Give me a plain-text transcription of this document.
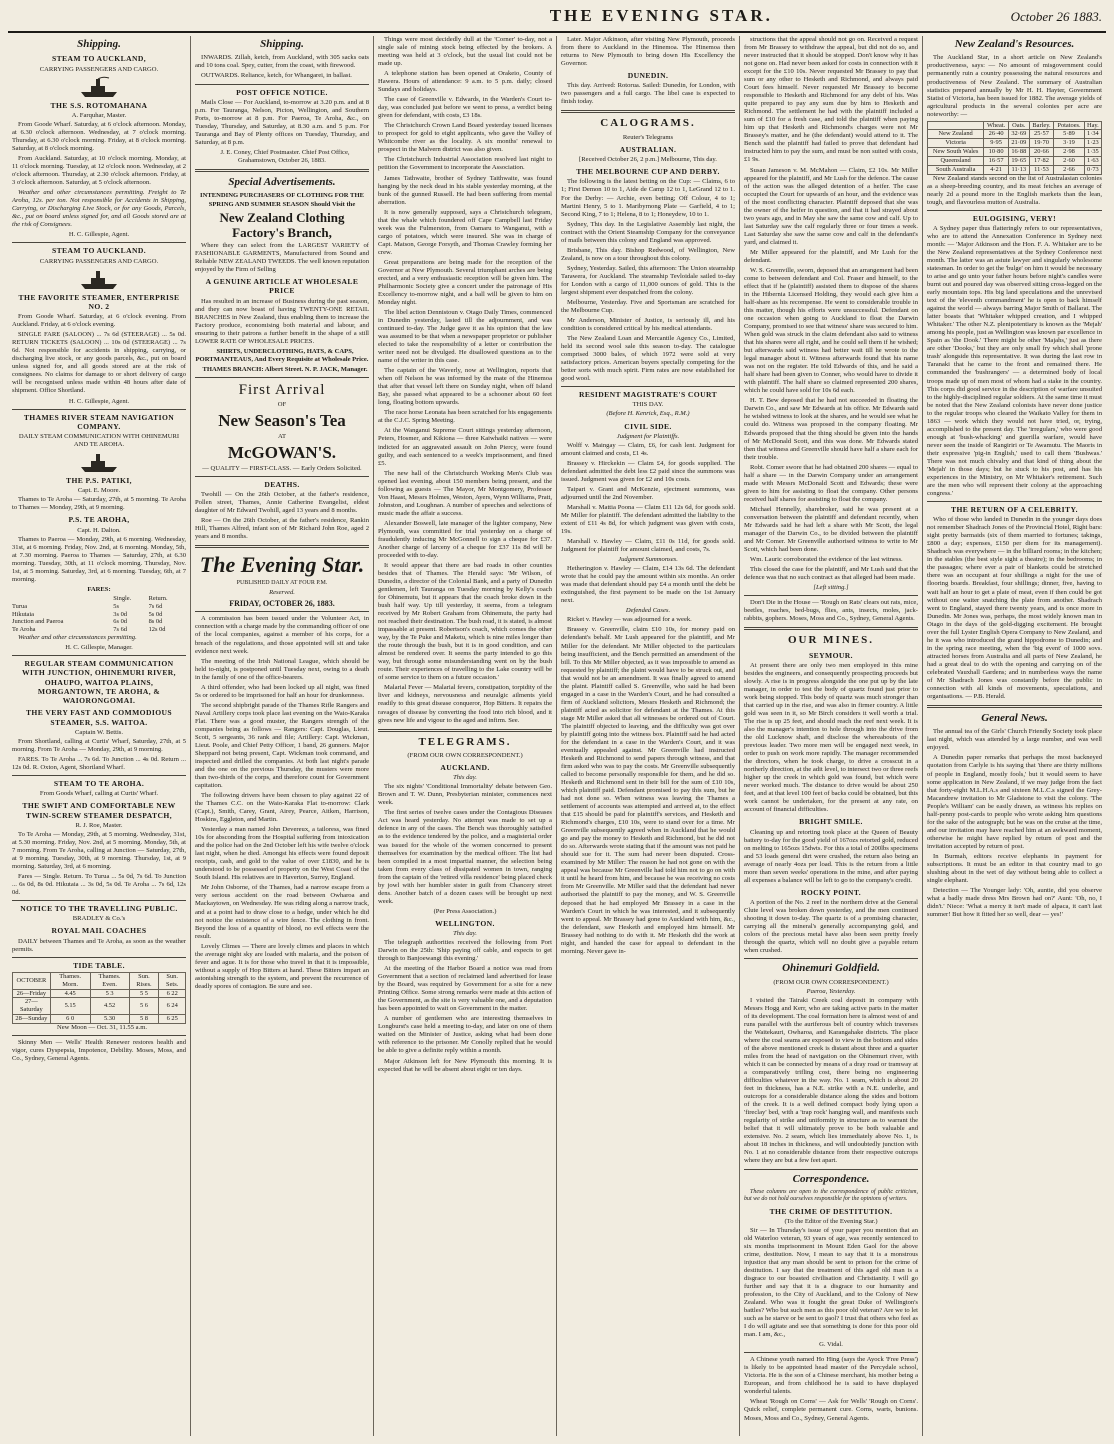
THE EVENING STAR.	October 26 1883.
Shipping.
STEAM TO AUCKLAND,
CARRYING PASSENGERS AND CARGO.
THE S.S. ROTOMAHANA
A. Farquhar, Master.

From Goode Wharf. Saturday, at 6 o'clock afternoon. Monday, at 6.30 o'clock afternoon. Wednesday, at 7 o'clock morning. Thursday, at 6.30 o'clock morning. Friday, at 8 o'clock morning. Saturday, at 8 o'clock morning.

From Auckland. Saturday, at 10 o'clock morning. Monday, at 11 o'clock morning. Tuesday, at 12 o'clock noon. Wednesday, at 2 o'clock afternoon. Thursday, at 2.30 o'clock afternoon. Friday, at 3 o'clock afternoon. Saturday, at 5 o'clock afternoon.

Weather and other circumstances permitting. Freight to Te Aroha, 12s. per ton. Not responsible for Accidents in Shipping, Carrying, or Discharging Live Stock, or for any Goods, Parcels, &c., put on board unless signed for, and all Goods stored are at the risk of Consignees.

H. C. Gillespie, Agent.
STEAM TO AUCKLAND.
CARRYING PASSENGERS AND CARGO.
THE FAVORITE STEAMER, ENTERPRISE NO. 2

From Goode Wharf. Saturday, at 6 o'clock evening. From Auckland. Friday, at 6 o'clock evening.

SINGLE FARE (SALOON) ... 7s 6d (STEERAGE) ... 5s 0d. RETURN TICKETS (SALOON) ... 10s 0d (STEERAGE) ... 7s 6d. Not responsible for accidents in shipping, carrying, or discharging live stock, or any goods parcels, &c., put on board unless signed for, and all goods stored are at the risk of consignees. No claims for damage to or short delivery of cargo will be recognised unless made within 48 hours after date of shipment. Office Shortland.

H. C. Gillespie, Agent.
THAMES RIVER STEAM NAVIGATION COMPANY.
DAILY STEAM COMMUNICATION WITH OHINEMURI AND TE AROHA.
THE P.S. PATIKI,
Capt. E. Moore.

Thames to Te Aroha — Saturday, 27th, at 5 morning. Te Aroha to Thames — Monday, 29th, at 9 morning.

P.S. TE AROHA,
Capt. H. Dalton.

Thames to Paeroa — Monday, 29th, at 6 morning. Wednesday, 31st, at 6 morning. Friday, Nov. 2nd, at 6 morning. Monday, 5th, at 7.30 morning. Paeroa to Thames — Saturday, 27th, at 6.30 morning. Tuesday, 30th, at 11 o'clock morning. Thursday, Nov. 1st, at 5 morning. Saturday, 3rd, at 6 morning. Tuesday, 6th, at 7 morning.

FARES:
	Single.	Return.
Turua	5s	7s 6d
Hikutaia	3s 0d	5s 0d
Junction and Paeroa	6s 0d	8s 0d
Te Aroha	7s 6d	12s 0d

Weather and other circumstances permitting.

H. C. Gillespie, Manager.
REGULAR STEAM COMMUNICATION WITH JUNCTION, OHINEMURI RIVER, OHAUPO, WAITOA PLAINS, MORGANTOWN, TE AROHA, & WAIORONGOMAI.
THE VERY FAST AND COMMODIOUS STEAMER, S.S. WAITOA.
Captain W. Bettis.

From Shortland, calling at Curtis' Wharf, Saturday, 27th, at 5 morning. From Te Aroha — Monday, 29th, at 9 morning.

FARES. To Te Aroha ... 7s 6d. To Junction ... 4s 0d. Return ... 12s 0d. R. Oxton, Agent, Shortland Wharf.

STEAM TO TE AROHA.
From Goods Wharf, calling at Curtis' Wharf.
THE SWIFT AND COMFORTABLE NEW TWIN-SCREW STEAMER DESPATCH,
R. J. Roe, Master.

To Te Aroha — Monday, 29th, at 5 morning. Wednesday, 31st, at 5.30 morning. Friday, Nov. 2nd, at 5 morning. Monday, 5th, at 7 morning. From Te Aroha, calling at Junction — Saturday, 27th, at 9 morning. Tuesday, 30th, at 9 morning. Thursday, 1st, at 9 morning. Saturday, 3rd, at 6 morning.

Fares — Single. Return. To Turua ... 5s 0d, 7s 6d. To Junction ... 6s 0d, 8s 0d. Hikutaia ... 3s 0d, 5s 0d. Te Aroha ... 7s 6d, 12s 0d.

NOTICE TO THE TRAVELLING PUBLIC.
BRADLEY & Co.'s
ROYAL MAIL COACHES

DAILY between Thames and Te Aroha, as soon as the weather permits.

TIDE TABLE.
OCTOBER	Thames. Morn.	Thames. Even.	Sun. Rises.	Sun. Sets.
26—Friday	4.45	5 3	5 5	6 22
27—Saturday	5.15	4.52	5 6	6 24
28—Sunday	6 0	5.30	5 8	6 25

New Moon — Oct. 31, 11.55 a.m.

Skinny Men — Wells' Health Renewer restores health and vigor, cures Dyspepsia, Impotence, Debility. Moses, Moss, and Co., Sydney, General Agents.

Shipping.

INWARDS. Zillah, ketch, from Auckland, with 305 sacks oats and 10 tons coal. Spey, cutter, from the coast, with firewood.

OUTWARDS. Reliance, ketch, for Whangarei, in ballast.

POST OFFICE NOTICE.

Mails Close — For Auckland, to-morrow at 3.20 p.m. and at 8 p.m. For Tauranga, Nelson, Picton, Wellington, and Southern Ports, to-morrow at 8 p.m. For Paeroa, Te Aroha, &c., on Tuesday, Thursday, and Saturday, at 8.30 a.m. and 5 p.m. For Tauranga and Bay of Plenty offices on Tuesday, Thursday, and Saturday, at 8 p.m.

J. E. Coney, Chief Postmaster. Chief Post Office, Grahamstown, October 26, 1883.

Special Advertisements.
INTENDING PURCHASERS OF CLOTHING FOR THE
SPRING AND SUMMER SEASON Should Visit the
New Zealand Clothing Factory's Branch,

Where they can select from the LARGEST VARIETY of FASHIONABLE GARMENTS, Manufactured from Sound and Reliable NEW ZEALAND TWEEDS. The well known reputation enjoyed by the Firm of Selling

A GENUINE ARTICLE AT WHOLESALE PRICE

Has resulted in an increase of Business during the past season, and they can now boast of having TWENTY-ONE RETAIL BRANCHES in New Zealand, thus enabling them to increase the Factory produce, economising both material and labour, and ensuring to their patrons a further benefit in the shape of a still LOWER RATE OF WHOLESALE PRICES.

SHIRTS, UNDERCLOTHING, HATS, & CAPS, PORTMANTEAUS, And Every Requisite at Wholesale Price.

THAMES BRANCH: Albert Street. N. P. JACK, Manager.

First Arrival
OF
New Season's Tea
AT
McGOWAN'S.
— QUALITY — FIRST-CLASS. — Early Orders Solicited.
DEATHS.

Twohill — On the 26th October, at the father's residence, Pollen street, Thames, Annie Catherine Evangelist, eldest daughter of Mr Edward Twohill, aged 13 years and 8 months.

Roe — On the 26th October, at the father's residence, Rankin Hill, Thames Alfred, infant son of Mr Richard John Roe, aged 2 years and 8 months.

The Evening Star.
PUBLISHED DAILY AT FOUR P.M.
Reserved.
FRIDAY, OCTOBER 26, 1883.

A commission has been issued under the Volunteer Act, in connection with a charge made by the commanding officer of one of the local companies, against a member of his corps, for a breach of the regulations, and those appointed will sit and take evidence next week.

The meeting of the Irish National League, which should be held to-night, is postponed until Tuesday next, owing to a death in the family of one of the office-bearers.

A third offender, who had been locked up all night, was fined 5s or ordered to be imprisoned for half an hour for drunkenness.

The second shipbright parade of the Thames Rifle Rangers and Naval Artillery corps took place last evening on the Waio-Karaka Flat. There was a good muster, the Rangers strength of the companies being as follows — Rangers: Capt. Douglas, Lieut. Scott, 5 sergeants, 36 rank and file; Artillery: Capt. Wickman, Lieut. Poole, and Chief Petty Officer, 1 band, 26 gunners. Major Sheppard not being present, Capt. Wickman took command, and inspected and drilled the companies. At both last night's parade and the one on the previous Thursday, the musters were more than two-thirds of the corps, and therefore count for Government capitation.

The following drivers have been chosen to play against 22 of the Thames C.C. on the Waio-Karaka Flat to-morrow: Clark (Capt.), Smith, Carey, Grant, Airey, Pearce, Aitken, Harrison, Hoskins, Eggleton, and Martin.

Yesterday a man named John Devereux, a tailoress, was fined 10s for absconding from the Hospital suffering from intoxication and the police had on the 2nd October left his wife twelve o'clock last night, when he died. Amongst his effects were found deposit receipts, cash, and gold to the value of over £1830, and he is understood to be possessed of property on the West Coast of the South Island. His relatives are in Haverton, Surrey, England.

Mr John Osborne, of the Thames, had a narrow escape from a very serious accident on the road between Owharoa and Mackaytown, on Wednesday. He was riding along a narrow track, and at a point had to draw close to a hedge, under which he did not notice the existence of a wire fence. The clothing in front. Beyond the loss of a quantity of blood, no evil effects were the result.

Lovely Climes — There are lovely climes and places in which the average night sky are loaded with malaria, and the poison of fever and ague. It is for those who travel in that it is impossible, without a supply of Hop Bitters at hand. These Bitters impart an astonishing strength to the system, and prevent the recurrence of deadly spores of contagion. Be sure and see.

Things were most decidedly dull at the 'Corner' to-day, not a single sale of mining stock being effected by the brokers. A meeting was held at 3 o'clock, but the usual list could not be made up.

A telephone station has been opened at Orakeio, County of Hawera. Hours of attendance: 9 a.m. to 5 p.m. daily; closed Sundays and holidays.

The case of Greenville v. Edwards, in the Warden's Court to-day, was concluded just before we went to press, a verdict being given for defendant, with costs, £3 18s.

The Christchurch Crown Land Board yesterday issued licenses to prospect for gold to eight applicants, who gave the Valley of Whitcombe river as the locality. A six months' renewal to prospect in the Malvern district was also given.

The Christchurch Industrial Association resolved last night to petition the Government to incorporate the Association.

James Tathwaite, brother of Sydney Taithwaite, was found hanging by the neck dead in his stable yesterday morning, at the bunk of the gunned Russell. He had been suffering from mental aberration.

It is now generally supposed, says a Christchurch telegram, that the whale which foundered off Cape Campbell last Friday week was the Fulmerston, from Oamaru to Wanganui, with a cargo of potatoes, which were insured. She was in charge of Capt. Matson, George Forsyth, and Thomas Crawley forming her crew.

Great preparations are being made for the reception of the Governor at New Plymouth. Several triumphant arches are being erected, and a very enthusiastic reception will be given him. The Philharmonic Society give a concert under the patronage of His Excellency to-morrow night, and a ball will be given to him on Monday night.

The libel action Dennistoun v. Otago Daily Times, commenced in Dunedin yesterday, lasted till the adjournment, and was continued to-day. The Judge gave it as his opinion that the law was assumed to be that when a newspaper proprietor or publisher elected to take the responsibility of a letter or contribution the writer need not be divulged. He disallowed questions as to the name of the writer in this case.

The captain of the Waverly, now at Wellington, reports that when off Nelson he was informed by the mate of the Hinemoa that after that vessel left there on Sunday night, when off Island Bay, she passed what appeared to be a schooner about 60 feet long, floating bottom upwards.

The race horse Leonata has been scratched for his engagements at the C.J.C. Spring Meeting.

At the Wanganui Supreme Court sittings yesterday afternoon, Peters, Hosmer, and Kikiona — three Kaiwhaiki natives — were indicted for an aggravated assault on John Piercy, were found guilty, and each sentenced to a week's imprisonment, and fined £5.

The new hall of the Christchurch Working Men's Club was opened last evening, about 150 members being present, and the following as guests — The Mayor, Mr Montgomery, Professor Von Haast, Messrs Holmes, Weston, Ayers, Wynn Williams, Pratt, Johnston, and Loughnan. A number of speeches and selections of music made the affair a success.

Alexander Boswell, late manager of the lighter company, New Plymouth, was committed for trial yesterday on a charge of fraudulently inducing Mr McGonnell to sign a cheque for £37. Another charge of larceny of a cheque for £37 11s 8d will be proceeded with to-day.

It would appear that there are bad roads in other counties besides that of Thames. The Herald says: 'Mr Wilson, of Dunedin, a director of the Colonial Bank, and a party of Dunedin gentlemen, left Tauranga on Tuesday morning by Kelly's coach for Ohinemutu, but it appears that the coach broke down in the bush half way. Up till yesterday, it seems, from a telegram received by Mr Robert Graham from Ohinemutu, the party had not reached their destination. The bush road, it is stated, is almost impassable at present. Robertson's coach, which comes the other way, by the Te Puke and Maketu, which is nine miles longer than the route through the bush, but it is in good condition, and can almost be rendered over. It seems the party intended to go this way, but through some misunderstanding went on by the bush route. Their experiences of travelling to the Lake country will be of some service to them on a future occasion.'

Malarial Fever — Malarial fevers, constipation, torpidity of the liver and kidneys, nervousness and neuralgic ailments yield readily to this great disease conqueror, Hop Bitters. It repairs the ravages of disease by converting the food into rich blood, and it gives new life and vigour to the aged and infirm. See.

TELEGRAMS.
(FROM OUR OWN CORRESPONDENT.)
AUCKLAND.
This day.

The six nights' 'Conditional Immortality' debate between Geo. Brown and T. W. Dunn, Presbyterian minister, commences next week.

The first series of twelve cases under the Contagious Diseases Act was heard yesterday. No attempt was made to set up a defence in any of the cases. The Bench was thoroughly satisfied as to the evidence tendered by the police, and a magisterial order was issued for the whole of the women concerned to present themselves for examination by the medical officer. The list had been compiled in a most impartial manner, the selection being taken from every class of dissipated women in town, ranging from the captain of the 'retired villa residence' being placed check by jowl with her humbler sister in guilt from Chancery street dens. Another batch of a dozen cases will be brought up next week.

(Per Press Association.)
WELLINGTON.
This day.

The telegraph authorities received the following from Port Darwin on the 25th: 'Ship paying off cable, and expects to get through to Banjoewangi this evening.'

At the meeting of the Harbor Board a notice was read from Government that a section of reclaimed land advertised for lease by the Board, was required by Government for a site for a new Printing Office. Some strong remarks were made at this action of the Government, as the site is very valuable one, and a deputation has been appointed to wait on Government in the matter.

A number of gentlemen who are interesting themselves in Longburst's case held a meeting to-day, and later on one of them waited on the Minister of Justice, asking what had been done with reference to the prisoner. Mr Conolly replied that he would be able to give a definite reply within a month.

Major Atkinson left for New Plymouth this morning. It is expected that he will be absent about eight or ten days.

Later. Major Atkinson, after visiting New Plymouth, proceeds from there to Auckland in the Hinemoa. The Hinemoa then returns to New Plymouth to bring down His Excellency the Governor.

DUNEDIN.

This day. Arrived: Rotorua. Sailed: Dunedin, for London, with two passengers and a full cargo. The libel case is expected to finish today.

CALOGRAMS.
Reuter's Telegrams
AUSTRALIAN.
[Received October 26, 2 p.m.] Melbourne, This day.
THE MELBOURNE CUP AND DERBY.

The following is the latest betting on the Cup: — Claims, 6 to 1; First Demon 10 to 1, Aide de Camp 12 to 1, LeGrand 12 to 1. For the Derby: — Archie, even betting; Off Colour, 4 to 1; Martini Henry, 5 to 1. Maribyrnong Plate — Garfield, 4 to 1; Second King, 7 to 1; Helena, 8 to 1; Honeydew, 10 to 1.

Sydney, This day. In the Legislative Assembly last night, the contract with the Orient Steamship Company for the conveyance of mails between this colony and England was approved.

Brisbane, This day. Bishop Redwood, of Wellington, New Zealand, is now on a tour throughout this colony.

Sydney, Yesterday. Sailed, this afternoon: The Union steamship Tarawera, for Auckland. The steamship Tevloidale sailed to-day for London with a cargo of 11,000 ounces of gold. This is the largest shipment ever despatched from the colony.

Melbourne, Yesterday. Five and Sportsman are scratched for the Melbourne Cup.

Mr Anderson, Minister of Justice, is seriously ill, and his condition is considered critical by his medical attendants.

The New Zealand Loan and Mercantile Agency Co., Limited, held its second wool sale this season to-day. The catalogue comprised 3000 bales, of which 1972 were sold at very satisfactory prices. American buyers specially competing for the better sorts with much spirit. Firm rates are now established for good wool.

RESIDENT MAGISTRATE'S COURT
THIS DAY.
(Before H. Kenrick, Esq., R.M.)
CIVIL SIDE.
Judgment for Plaintiffs.

Wolff v. Maingay — Claim, £6, for cash lent. Judgment for amount claimed and costs, £1 4s.

Brassey v. Hirckekin — Claim £4, for goods supplied. The defendant admitted the debt less £2 paid since the summons was issued. Judgment was given for £2 and 10s costs.

Taipari v. Grant and McKenzie, ejectment summons, was adjourned until the 2nd November.

Marshall v. Mattia Poona — Claim £11 12s 6d, for goods sold. Mr Miller for plaintiff. The defendant admitted the liability to the extent of £11 4s 8d, for which judgment was given with costs, 19s.

Marshall v. Hawley — Claim, £11 0s 11d, for goods sold. Judgment for plaintiff for amount claimed, and costs, 7s.

Judgment Summonses.

Hetherington v. Hawley — Claim, £14 13s 6d. The defendant wrote that he could pay the amount within six months. An order was made that defendant should pay £4 a month until the debt be extinguished, the first payment to be made on the 1st January next.

Defended Cases.

Ricket v. Hawley — was adjourned for a week.

Brassey v. Greenville, claim £10 10s, for money paid on defendant's behalf. Mr Lush appeared for the plaintiff, and Mr Miller for the defendant. Mr Miller objected to the particulars being insufficient, and the Bench permitted an amendment of the bill. To this Mr Miller objected, as it was impossible to amend as requested by plaintiff; the plaint would have to be struck out, and that would not be an amendment. It was finally agreed to amend the plaint. Plaintiff called S. Greenville, who said he had been engaged in a case in the Warden's Court, and he had consulted a firm of Auckland solicitors, Messrs Hesketh and Richmond; the plaintiff acted as solicitor for defendant at the Thames. At this stage Mr Miller asked that all witnesses be ordered out of Court. The plaintiff objected to leaving, and the difficulty was got over by plaintiff going into the witness box. Plaintiff said he had acted for the defendant in a case in the Warden's Court, and it was eventually appealed against. Mr Greenville had instructed Hesketh and Richmond to send papers through witness, and that firm asked who was to pay the costs. Mr Greenville subsequently called to become personally responsible for them, and he did so. Hesketh and Richmond sent in their bill for the sum of £10 10s, which plaintiff paid. Defendant promised to pay this sum, but he had not done so. When witness was leaving the Thames a settlement of accounts was attempted and arrived at, to the effect that £15 should be paid for plaintiff's services, and Hesketh and Richmond's charges, £10 10s, were to stand over for a time. Mr Greenville subsequently agreed when in Auckland that he would go and pay the money to Hesketh and Richmond, but he did not do so. Afterwards wrote stating that if the amount was not paid he should sue for it. The sum had never been disputed. Cross-examined by Mr Miller: The reason he had not gone on with the appeal was because Mr Greenville had told him not to go on with it until he heard from him, and because he was receiving no costs from Mr Greenville. Mr Miller said that the defendant had never authorised the plaintiff to pay the money, and W. S. Greenville deposed that he had employed Mr Brassey in a case in the Warden's Court in which he was interested, and it subsequently went to appeal. Mr Brassey had gone to Auckland with him, &c., the defendant, saw Hesketh and employed him himself. Mr Brassey had nothing to do with it. Mr Hesketh did the work at night, and handed the case for appeal to defendant in the morning. Never gave in-

structions that the appeal should not go on. Received a request from Mr Brassey to withdraw the appeal, but did not do so, and never instructed that it should be stopped. Don't know why it has not gone on. Had never been asked for costs in connection with it except for the £10 10s. Never requested Mr Brassey to pay that sum or any other to Hesketh and Richmond, and always paid Court fees himself. Never requested Mr Brassey to become responsible to Hesketh and Richmond for any debt of his. Was quite prepared to pay any sum due by him to Hesketh and Richmond. The settlement he had with the plaintiff included a sum of £10 for a fresh case, and told the plaintiff when paying him up that Hesketh and Richmond's charges were not Mr Brassey's matter, and he (the defendant) would attend to it. The Bench said the plaintiff had failed to prove that defendant had instructed him to pay the sum, and must be non suited with costs, £1 9s.

Susan Jameson v. M. McMahon — Claim, £2 10s. Mr Miller appeared for the plaintiff, and Mr Lush for the defence. The cause of the action was the alleged detention of a heifer. The case occupied the Court for upwards of an hour, and the evidence was of the most conflicting character. Plaintiff deposed that she was the owner of the heifer in question, and that it had strayed about two years ago, and in May she saw the same cow and calf. Up to last Saturday saw the calf regularly three or four times a week. Last Saturday she saw the same cow and calf in the defendant's yard, and claimed it.

Mr Miller appeared for the plaintiff, and Mr Lush for the defendant.

W. S. Greenville, sworn, deposed that an arrangement had been come to between defendant and Col. Fraser and himself, to the effect that if he (plaintiff) assisted them to dispose of the shares in the Hibernia Licensed Holding, they would each give him a half-share as his recompense. He went to considerable trouble in this matter, though his efforts were unsuccessful. Defendant on one occasion when going to Auckland to float the Darwin Company, promised to see that witness' share was secured to him. When gold was struck in the claim defendant also said to witness that his shares were all right, and he could sell them if he wished; but afterwards said witness had better wait till he wrote to the legal manager about it. Witness afterwards found that his name was not on the register. He told Edwards of this, and he said a half share had been given to Conner, who would have to divide it with plaintiff. The half share so claimed represented 200 shares, which he could have sold for 10s 6d each.

H. T. Bew deposed that he had not succeeded in floating the Darwin Co., and saw Mr Edwards at his office. Mr Edwards said he wished witness to look at the shares, and he would see what he could do. Witness was proposed in the company floating. Mr Edwards proposed that the thing should be given into the hands of Mr McDonald Scott, and this was done. Mr Edwards stated then that witness and Greenville should have half a share each for their trouble.

Robt. Comer swore that he had obtained 200 shares — equal to half a share — in the Darwin Company under an arrangement made with Messrs McDonald Scott and Edwards; these were given to him for assisting to float the company. Other persons received half shares for assisting to float the company.

Michael Hennelly, sharebroker, said he was present at a conversation between the plaintiff and defendant recently, when Mr Edwards said he had left a share with Mr Scott, the legal manager of the Darwin Co., to be divided between the plaintiff and Mr Comer. Mr Greenville authorised witness to write to Mr Scott, which had been done.

Wm. Lauric corroborated the evidence of the last witness.

This closed the case for the plaintiff, and Mr Lush said that the defence was that no such contract as that alleged had been made.

[Left sitting.]

Don't Die in the House — 'Rough on Rats' clears out rats, mice, beetles, roaches, bed-bugs, flies, ants, insects, moles, jack-rabbits, gophers. Moses, Moss and Co., Sydney, General Agents.

OUR MINES.
SEYMOUR.

At present there are only two men employed in this mine besides the engineers, and consequently prospecting proceeds but slowly. A rise is in progress alongside the one put up by the late manager, in order to test the body of quartz found just prior to work being stopped. This body of quartz was much stronger than that carried up in the rise, and was also in firmer country. A little gold was seen in it, so Mr Birch considers it well worth a trial. The rise is up 25 feet, and should reach the reef next week. It is also the manager's intention to hole through into the drive from the old Lucknow shaft, and disclose the whereabouts of the previous leader. Two more men will be engaged next week, in order to push on work more rapidly. The manager recommended the directors, when he took charge, to drive a crosscut in a northerly direction, at the adit level, to intersect two or three reefs higher up the creek in which gold was found, but which were never worked much. The distance to drive would be about 250 feet, and at that level 100 feet of backs could be obtained, but this work cannot be undertaken, for the present at any rate, on account of financial difficulties.

BRIGHT SMILE.

Cleaning up and retorting took place at the Queen of Beauty battery to-day for the good yield of 167ozs retorted gold, reduced on melting to 165ozs 15dwts. For this a total of 200lbs specimens and 53 loads general dirt were crushed, the return also being an average of nearly 4ozs per load. This is the return from a little more than seven weeks' operations in the mine, and after paying all expenses a balance will be left to go to the company's credit.

ROCKY POINT.

A portion of the No. 2 reef in the northern drive at the General Clute level was broken down yesterday, and the men continued shooting it down to-day. The quartz is of a promising character, carrying all the mineral's generally accompanying gold, and colors of the precious metal have also been seen pretty freely through the quartz, which will no doubt give a payable return when crushed.

Ohinemuri Goldfield.
(FROM OUR OWN CORRESPONDENT.)
Paeroa, Yesterday.

I visited the Tairaki Creek coal deposit in company with Messrs Hogg and Kerr, who are taking active parts in the matter of its development. The coal formation here is almost west of and runs parallel with the auriferous belt of country which traverses the Waitekauri, Owharoa, and Karangahake districts. The place where the coal seams are exposed to view in the bottom and sides of the above mentioned creek is distant about three and a quarter miles from the head of navigation on the Ohinemuri river, with which it can be connected by means of a dray road or tramway at a comparatively trifling cost, there being no engineering difficulties whatever in the way. No. 1 seam, which is about 20 feet in thickness, has a N.E. strike with a N.E. underlie, and outcrops for a considerable distance along the sides and bottom of the creek. It is a well defined compact body lying upon a 'fireclay' bed, with a 'trap rock' hanging wall, and manifests such regularity of strike and uniformity in structure as to warrant the belief that it will ultimately prove to be both valuable and extensive. No. 2 seam, which lies immediately above No. 1, is about 18 inches in thickness, and will undoubtedly junction with No. 1 at no considerable distance from their respective outcrops where they are but a few feet apart.

Correspondence.

These columns are open to the correspondence of public criticism, but we do not hold ourselves responsible for the opinions of writers.

THE CRIME OF DESTITUTION.
(To the Editor of the Evening Star.)

Sir — In Thursday's issue of your paper you mention that an old Waterloo veteran, 93 years of age, was recently sentenced to six months imprisonment in Mount Eden Gaol for the above crime, destitution. Now, I mean to say that it is a monstrous injustice that any man should be sent to prison for the crime of destitution. I say that the treatment of this aged old man is a disgrace to our boasted civilisation and Christianity. I will go further and say that it is a disgrace to our humanity and profession, to the City of Auckland, and to the Colony of New Zealand. Who was it fought the great Duke of Wellington's battles? Who but such men as this poor old veteran? Are we to let such as he starve or be sent to gaol? I trust that others who feel as I do will agitate and see that something is done for this poor old man. I am, &c.,

G. Vidal.

A Chinese youth named Ho Hing (says the Ayock 'Free Press') is likely to be appointed head master of the Percydale school, Victoria. He is the son of a Chinese merchant, his mother being a European, and from childhood he is said to have displayed wonderful talents.

Wheat 'Rough on Corns' — Ask for Wells' 'Rough on Corns'. Quick relief, complete permanent cure. Corns, warts, bunions. Moses, Moss and Co., Sydney, General Agents.

New Zealand's Resources.

The Auckland Star, in a short article on New Zealand's productiveness, says: — No amount of misgovernment could permanently ruin a country possessing the natural resources and productiveness of New Zealand. The summary of Australian statistics prepared annually by Mr H. H. Hayter, Government Statist of Victoria, has been issued for 1882. The average yields of agricultural products in the several colonies per acre are noteworthy: —

	Wheat.	Oats.	Barley.	Potatoes.	Hay.
New Zealand	26·40	32·69	25·57	5·89	1·34
Victoria	9·95	21·09	19·70	3·19	1·23
New South Wales	10·80	16·88	20·66	2·98	1·35
Queensland	16·57	19·65	17·82	2·60	1·63
South Australia	4·21	11·13	11·53	2·66	0·73

New Zealand stands second on the list of Australasian colonies as a sheep-breeding country, and its meat fetches an average of nearly 2d a pound more in the English markets than the lean, tough, and flavourless mutton of Australia.

EULOGISING, VERY!

A Sydney paper thus flatteringly refers to our representatives, who are to attend the Annexation Conference in Sydney next month: — 'Major Atkinson and the Hon. F. A. Whitaker are to be the New Zealand representatives at the Sydney Conference next month. The latter was an astute lawyer and singularly wholesome statesman. In order to get the 'bulge' on him it would be necessary to arise and go unto your father hours before night's candles were burnt out and poured day was observed sitting cross-legged on the early mountain tops. His big land speculations and the unrevised text of the 'eleventh commandment' he is open to back himself against the world — always barring Major Smith of Ballarat. The latter boasts that 'Whitaker whipped creation, and I whipped Whitaker.' The other N.Z. plenipotentiary is known as the 'Mejah' among his people, just as Wellington was known par excellence in Spain as 'the Dook.' There might be other 'Majahs,' just as there are other 'Dooks,' but they are only small fry which shall 'prone trash' alongside this representative. It was during the last row in Taranaki that he came to the front and remained there. He commanded the 'bushrangers' — a determined body of local troops made up of men most of whom had a stake in the country. This corps did good service in the description of warfare unsuited to the highly-disciplined regular soldiers. At the same time it must be noted that the New Zealand colonists have never done justice to the regular troops who cleared the Waikato Valley for them in 1863 — work which they would not have tried, or, trying, accomplished to the present day. The 'irregulars,' who were good enough at 'bush-whacking' and guerilla warfare, would have never seen the inside of Rangiriri or Te Awamutu. The Maoris in their expressive 'pig-in English,' used to call them 'Bushwas.' There was not much chivalry and that kind of thing about the 'Mejah' in those days; but he stuck to his post, and has his experiences in the Ministry, on Mr Whitaker's retirement. Such are the men who will represent their colony at the approaching congress.'

THE RETURN OF A CELEBRITY.

Who of those who landed in Dunedin in the younger days does not remember Shadrach Jones of the Provincial Hotel, Right bars: sight pretty barmaids (six of them married to fortunes; takings, £800 a day; expenses, £150 per diem for its management). Shadrach was everywhere — in the billiard rooms; in the kitchen; in the stables (the best style sight a theatre); in the bedrooms; in the passages; where ever a pair of blankets could be stretched there was an occupant at four shillings a night for the use of flooring boards. Breakfast, four shillings; dinner, five, having to wait half an hour to get a plate of meat, even if then could be got without one waiter snatching the plate from another. Shadrach went to England, stayed there twenty years, and is once more in Dunedin. Mr Jones was, perhaps, the most widely known man in Otago in the days of the gold-digging excitement. He brought over the full Lyster English Opera Company to New Zealand, and he it was who introduced the grand hippodrome to Dunedin; and in the spring race meeting, when the 'big event' of 1000 sovs. attracted horses from Australia and all parts of New Zealand, he had a great deal to do with the opening and carrying on of the celebrated Vauxhall Gardens; and in numberless ways the name of Mr Shadrach Jones was constantly before the public in connection with all kinds of movements, speculations, and organisations. — P.B. Herald.

General News.

The annual tea of the Girls' Church Friendly Society took place last night, which was attended by a large number, and was well enjoyed.

A Dunedin paper remarks that perhaps the most backneyed quotation from Carlyle is his saying that 'there are thirty millions of people in England, mostly fools,' but it would seem to have some application in New Zealand, if we may judge from the fact that forty-eight M.L.H.A.s and sixteen M.L.C.s signed the Grey-Macandrew invitation to Mr Gladstone to visit the colony. 'The People's William' can be easily drawn, as witness his replies on half-penny post-cards to people who wrote asking him questions for the sake of the autograph; but he was on the cruise at the time, and our invitation may have reached him at an awkward moment, otherwise he might have replied by return of post and the invitation accepted by return of post.

In Burmah, editors receive elephants in payment for subscriptions. It must be an editor in that country mad to go slushing about in the wet of day without being able to collect a single elephant.

Detection — The Younger lady: 'Oh, auntie, did you observe what a badly made dress Mrs Brown had on?' Aunt: 'Oh, no, I didn't.' Niece: 'What a mercy it isn't made of alpaca, it can't last summer! But how it fitted her so well, dear — yes!'
